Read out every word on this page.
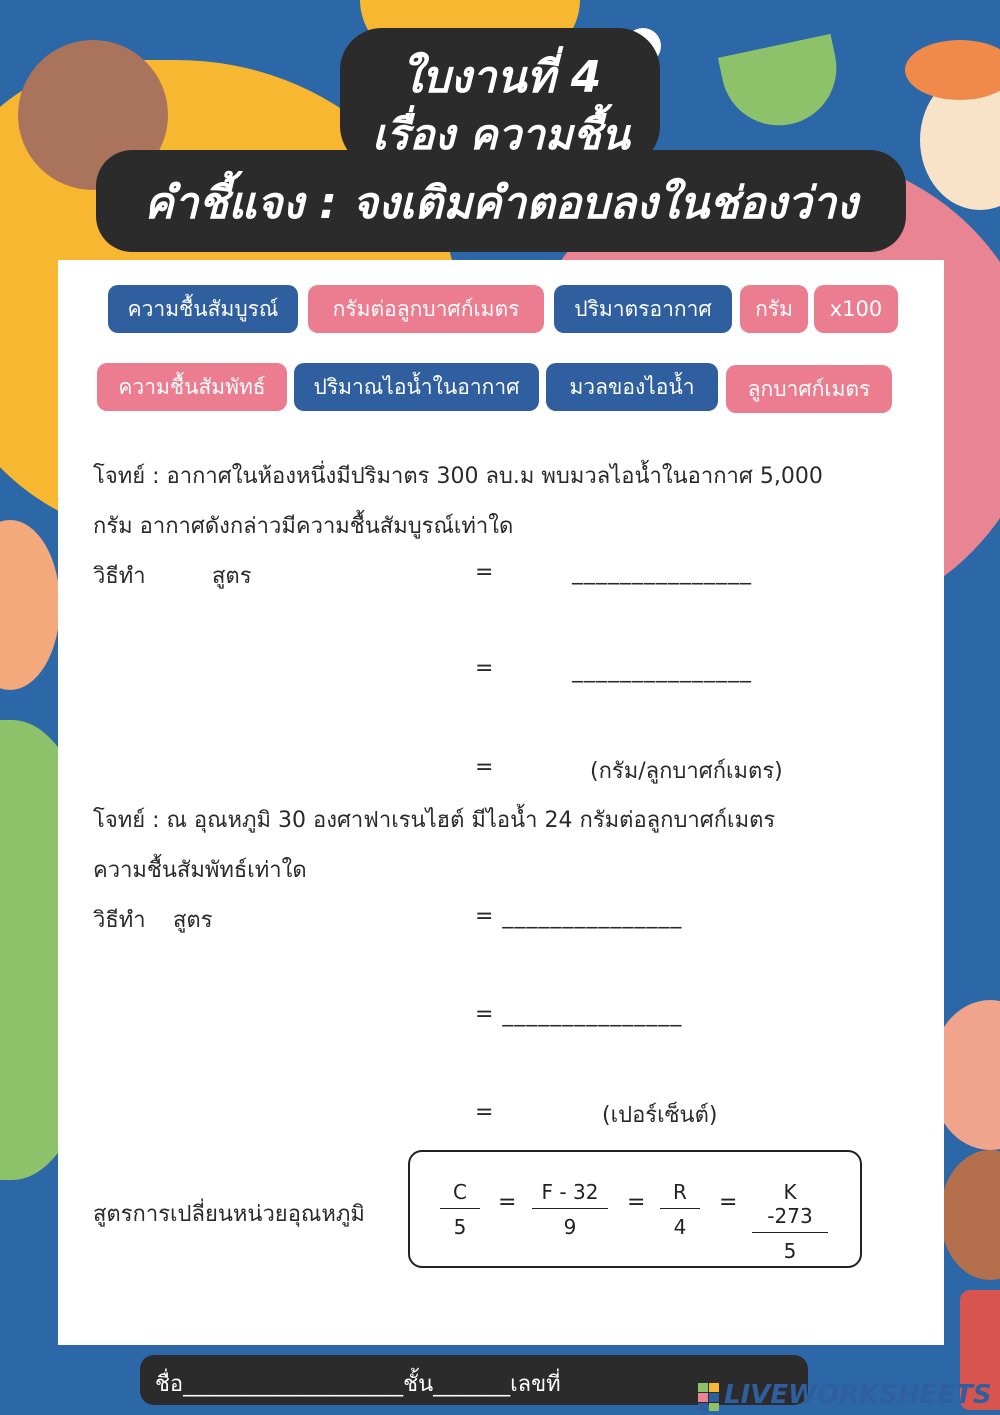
ใบงานที่ 4
เรื่อง ความชื้น
คำชี้แจง : จงเติมคำตอบลงในช่องว่าง
ความชื้นสัมบูรณ์	กรัมต่อลูกบาศก์เมตร	ปริมาตรอากาศ	กรัม	x100
ความชื้นสัมพัทธ์	ปริมาณไอน้ำในอากาศ	มวลของไอน้ำ	ลูกบาศก์เมตร
โจทย์ : อากาศในห้องหนึ่งมีปริมาตร 300 ลบ.ม พบมวลไอน้ำในอากาศ 5,000
กรัม อากาศดังกล่าวมีความชื้นสัมบูรณ์เท่าใด
วิธีทำ	สูตร	=	_______________
=	_______________
=	(กรัม/ลูกบาศก์เมตร)
โจทย์ : ณ อุณหภูมิ 30 องศาฟาเรนไฮต์ มีไอน้ำ 24 กรัมต่อลูกบาศก์เมตร
ความชื้นสัมพัทธ์เท่าใด
วิธีทำ สูตร	= _______________
= _______________
=	(เปอร์เซ็นต์)
สูตรการเปลี่ยนหน่วยอุณหภูมิ	$\frac{C}{5} = \frac{F - 32}{9} = \frac{R}{4} = \frac{K -273}{5}$
ชื่อ____________________ชั้น_______เลขที่	LIVEWORKSHEETS
